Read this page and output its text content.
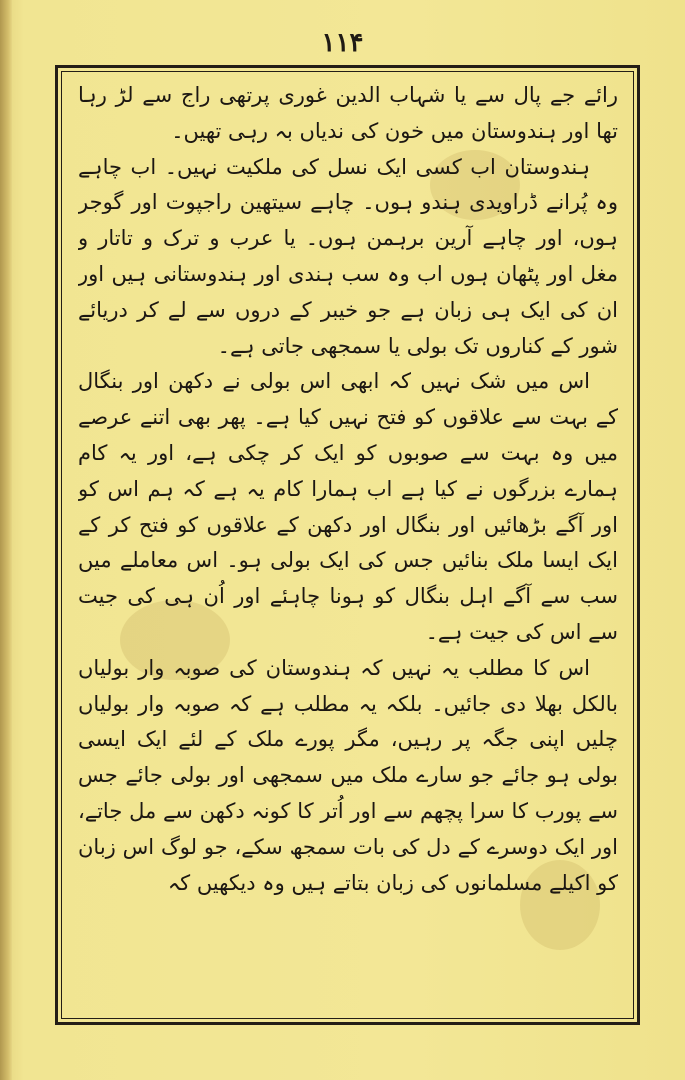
۱۱۴

رائے جے پال سے یا شہاب الدین غوری پرتھی راج سے لڑ رہا تھا اور ہندوستان میں خون کی ندیاں بہ رہی تھیں۔

ہندوستان اب کسی ایک نسل کی ملکیت نہیں۔ اب چاہے وہ پُرانے ڈراویدی ہندو ہوں۔ چاہے سیتھین راجپوت اور گوجر ہوں، اور چاہے آرین برہمن ہوں۔ یا عرب و ترک و تاتار و مغل اور پٹھان ہوں اب وہ سب ہندی اور ہندوستانی ہیں اور ان کی ایک ہی زبان ہے جو خیبر کے دروں سے لے کر دریائے شور کے کناروں تک بولی یا سمجھی جاتی ہے۔

اس میں شک نہیں کہ ابھی اس بولی نے دکھن اور بنگال کے بہت سے علاقوں کو فتح نہیں کیا ہے۔ پھر بھی اتنے عرصے میں وہ بہت سے صوبوں کو ایک کر چکی ہے، اور یہ کام ہمارے بزرگوں نے کیا ہے اب ہمارا کام یہ ہے کہ ہم اس کو اور آگے بڑھائیں اور بنگال اور دکھن کے علاقوں کو فتح کر کے ایک ایسا ملک بنائیں جس کی ایک بولی ہو۔ اس معاملے میں سب سے آگے اہل بنگال کو ہونا چاہئے اور اُن ہی کی جیت سے اس کی جیت ہے۔

اس کا مطلب یہ نہیں کہ ہندوستان کی صوبہ وار بولیاں بالکل بھلا دی جائیں۔ بلکہ یہ مطلب ہے کہ صوبہ وار بولیاں چلیں اپنی جگہ پر رہیں، مگر پورے ملک کے لئے ایک ایسی بولی ہو جائے جو سارے ملک میں سمجھی اور بولی جائے جس سے پورب کا سرا پچھم سے اور اُتر کا کونہ دکھن سے مل جاتے، اور ایک دوسرے کے دل کی بات سمجھ سکے، جو لوگ اس زبان کو اکیلے مسلمانوں کی زبان بتاتے ہیں وہ دیکھیں کہ
